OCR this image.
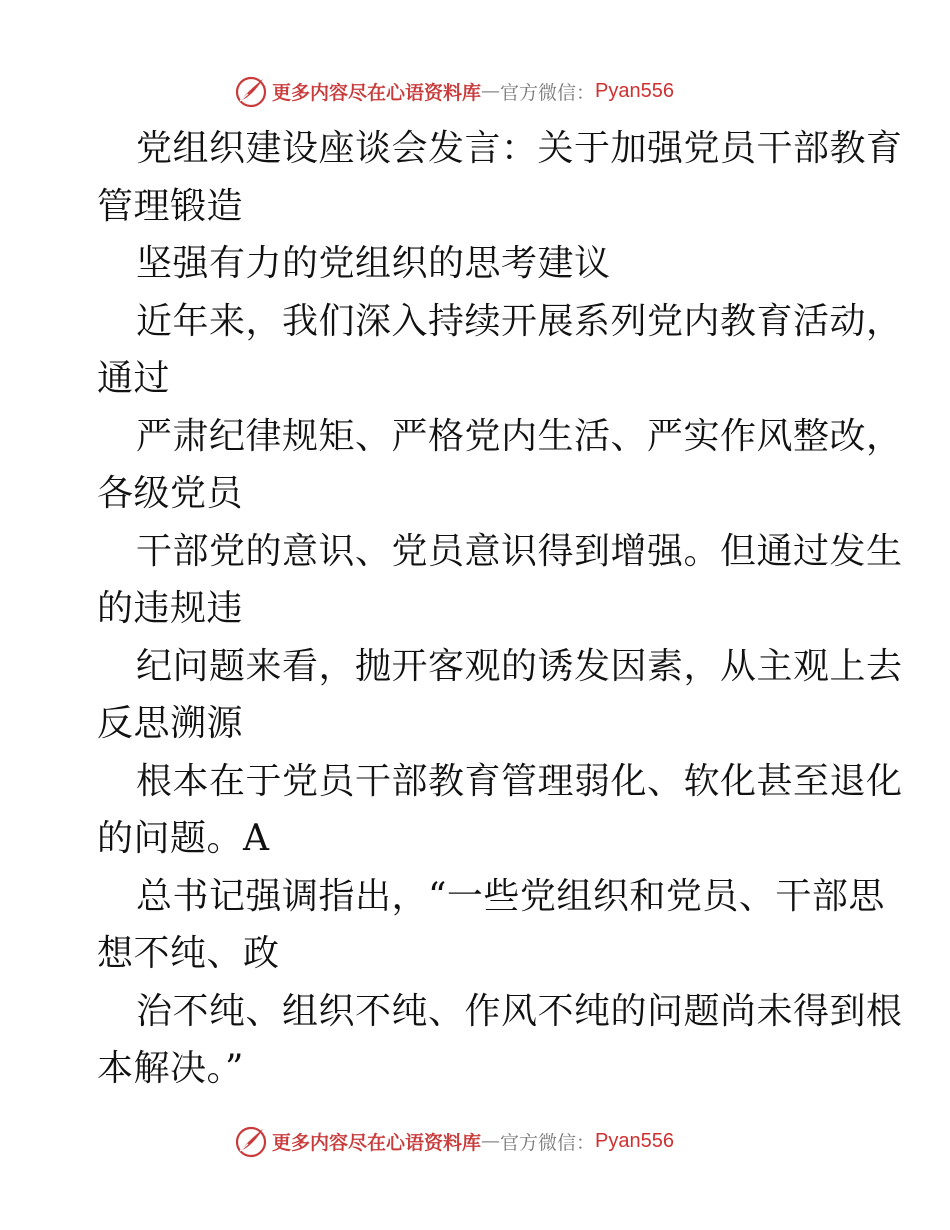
更多内容尽在心语资料库 — 官方微信： Pyan556
党组织建设座谈会发言：关于加强党员干部教育
管理锻造
坚强有力的党组织的思考建议
近年来，我们深入持续开展系列党内教育活动，
通过
严肃纪律规矩、严格党内生活、严实作风整改，
各级党员
干部党的意识、党员意识得到增强。但通过发生
的违规违
纪问题来看，抛开客观的诱发因素，从主观上去
反思溯源
根本在于党员干部教育管理弱化、软化甚至退化
的问题。A
总书记强调指出，“一些党组织和党员、干部思
想不纯、政
治不纯、组织不纯、作风不纯的问题尚未得到根
本解决。”
更多内容尽在心语资料库 — 官方微信： Pyan556
